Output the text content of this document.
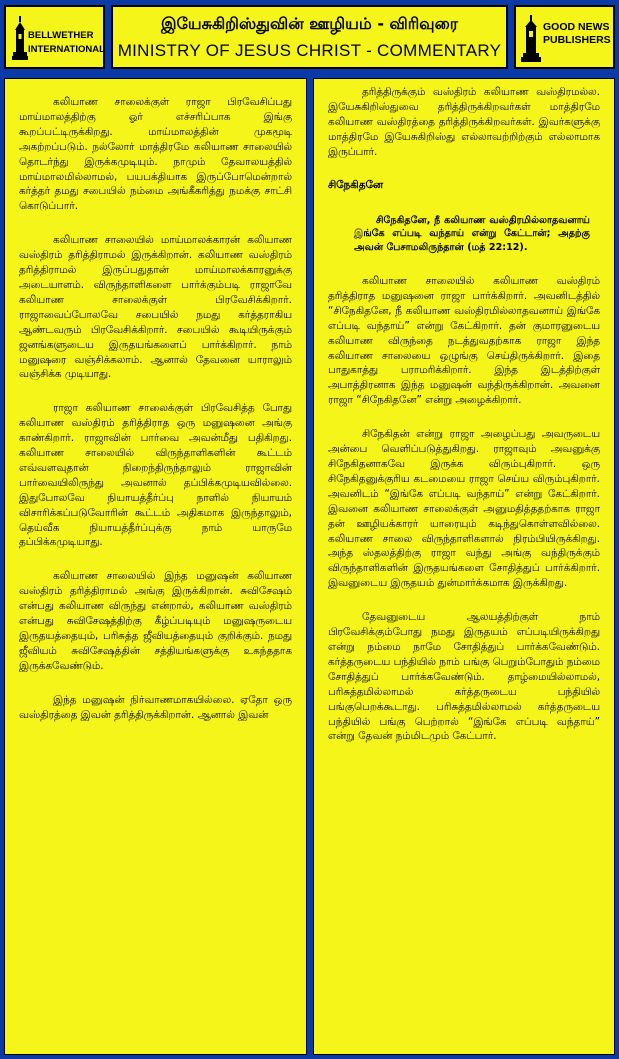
BELLWETHER
INTERNATIONAL
இயேசுகிறிஸ்துவின் ஊழியம் - விரிவுரை
MINISTRY OF JESUS CHRIST - COMMENTARY
GOOD NEWS
PUBLISHERS

கலியாண சாலைக்குள் ராஜா பிரவேசிப்பது மாய்மாலத்திற்கு ஓர் எச்சரிப்பாக இங்கு கூறப்பட்டிருக்கிறது. மாய்மாலத்தின் முகமூடி அகற்றப்படும். நல்லோர் மாத்திரமே கலியாண சாலையில் தொடர்ந்து இருக்கமுடியும். நாமும் தேவாலயத்தில் மாய்மாலமில்லாமல், பயபக்தியாக இருப்போமென்றால் கர்த்தர் தமது சபையில் நம்மை அங்கீகரித்து நமக்கு சாட்சி கொடுப்பார்.

கலியாண சாலையில் மாய்மாலக்காரன் கலியாண வஸ்திரம் தரித்திராமல் இருக்கிறான். கலியாண வஸ்திரம் தரித்திராமல் இருப்பதுதான் மாய்மாலக்காரனுக்கு அடையாளம். விருந்தாளிகளை பார்க்கும்படி ராஜாவே கலியாண சாலைக்குள் பிரவேசிக்கிறார். ராஜாவைப்போலவே சபையில் நமது கர்த்தராகிய ஆண்டவரும் பிரவேசிக்கிறார். சபையில் கூடியிருக்கும் ஜனங்களுடைய இருதயங்களைப் பார்க்கிறார். நாம் மனுஷரை வஞ்சிக்கலாம். ஆனால் தேவனை யாராலும் வஞ்சிக்க முடியாது.

ராஜா கலியாண சாலைக்குள் பிரவேசித்த போது கலியாண வஸ்திரம் தரித்திராத ஒரு மனுஷனை அங்கு காண்கிறார். ராஜாவின் பார்வை அவன்மீது பதிகிறது. கலியாண சாலையில் விருந்தாளிகளின் கூட்டம் எவ்வளவுதான் நிறைந்திருந்தாலும் ராஜாவின் பார்வையிலிருந்து அவனால் தப்பிக்கமுடியவில்லை. இதுபோலவே நியாயத்தீர்ப்பு நாளில் நியாயம் விசாரிக்கப்படுவோரின் கூட்டம் அதிகமாக இருந்தாலும், தெய்வீக நியாயத்தீர்ப்புக்கு நாம் யாருமே தப்பிக்கமுடியாது.

கலியாண சாலையில் இந்த மனுஷன் கலியாண வஸ்திரம் தரித்திராமல் அங்கு இருக்கிறான். சுவிசேஷம் என்பது கலியாண விருந்து என்றால், கலியாண வஸ்திரம் என்பது சுவிசேஷத்திற்கு கீழ்ப்படியும் மனுஷருடைய இருதயத்தையும், பரிசுத்த ஜீவியத்தையும் குறிக்கும். நமது ஜீவியம் சுவிசேஷத்தின் சத்தியங்களுக்கு உகந்ததாக இருக்கவேண்டும்.

இந்த மனுஷன் நிர்வாணமாகயில்லை. ஏதோ ஒரு வஸ்திரத்தை இவன் தரித்திருக்கிறான். ஆனால் இவன்

தரித்திருக்கும் வஸ்திரம் கலியாண வஸ்திரமல்ல. இயேசுகிறிஸ்துவை தரித்திருக்கிறவர்கள் மாத்திரமே கலியாண வஸ்திரத்தை தரித்திருக்கிறவர்கள். இவர்களுக்கு மாத்திரமே இயேசுகிறிஸ்து எல்லாவற்றிற்கும் எல்லாமாக இருப்பார்.

சிநேகிதனே
சிநேகிதனே, நீ கலியாண வஸ்திரமில்லாதவனாய் இங்கே எப்படி வந்தாய் என்று கேட்டான்; அதற்கு அவன் பேசாமலிருந்தான் (மத் 22:12).

கலியாண சாலையில் கலியாண வஸ்திரம் தரித்திராத மனுஷனை ராஜா பார்க்கிறார். அவனிடத்தில் “சிநேகிதனே, நீ கலியாண வஸ்திரமில்லாதவனாய் இங்கே எப்படி வந்தாய்” என்று கேட்கிறார். தன் குமாரனுடைய கலியாண விருந்தை நடத்துவதற்காக ராஜா இந்த கலியாண சாலையை ஒழுங்கு செய்திருக்கிறார். இதை பாதுகாத்து பராமரிக்கிறார். இந்த இடத்திற்குள் அபாத்திரனாக இந்த மனுஷன் வந்திருக்கிறான். அவனை ராஜா “சிநேகிதனே” என்று அழைக்கிறார்.

சிநேகிதன் என்று ராஜா அழைப்பது அவருடைய அன்பை வெளிப்படுத்துகிறது. ராஜாவும் அவனுக்கு சிநேகிதனாகவே இருக்க விரும்புகிறார். ஒரு சிநேகிதனுக்குரிய கடமையை ராஜா செய்ய விரும்புகிறார். அவனிடம் “இங்கே எப்படி வந்தாய்” என்று கேட்கிறார். இவனை கலியாண சாலைக்குள் அனுமதித்ததற்காக ராஜா தன் ஊழியக்காரர் யாரையும் கடிந்துகொள்ளவில்லை. கலியாண சாலை விருந்தாளிகளால் நிரம்பியிருக்கிறது. அந்த ஸ்தலத்திற்கு ராஜா வந்து அங்கு வந்திருக்கும் விருந்தாளிகளின் இருதயங்களை சோதித்துப் பார்க்கிறார். இவனுடைய இருதயம் துன்மார்க்கமாக இருக்கிறது.

தேவனுடைய ஆலயத்திற்குள் நாம் பிரவேசிக்கும்போது நமது இருதயம் எப்படியிருக்கிறது என்று நம்மை நாமே சோதித்துப் பார்க்கவேண்டும். கர்த்தருடைய பந்தியில் நாம் பங்கு பெறும்போதும் நம்மை சோதித்துப் பார்க்கவேண்டும். தாழ்மையில்லாமல், பரிசுத்தமில்லாமல் கர்த்தருடைய பந்தியில் பங்குபெறக்கூடாது. பரிசுத்தமில்லாமல் கர்த்தருடைய பந்தியில் பங்கு பெற்றால் “இங்கே எப்படி வந்தாய்” என்று தேவன் நம்மிடமும் கேட்பார்.
